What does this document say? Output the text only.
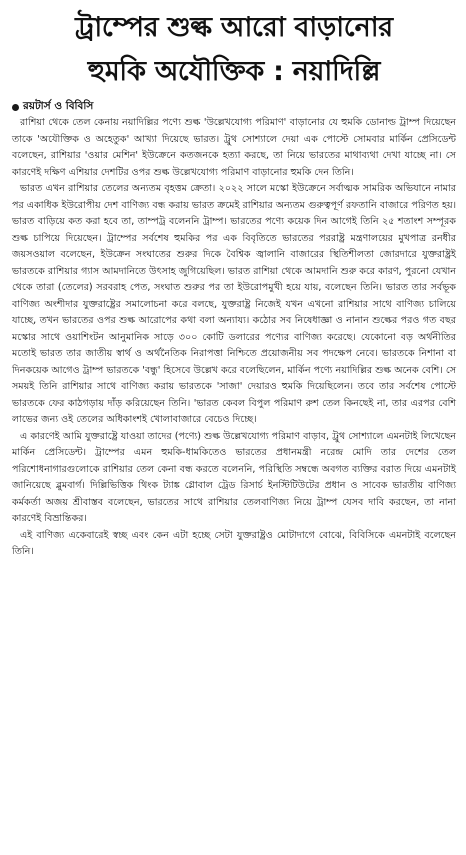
ট্রাম্পের শুল্ক আরো বাড়ানোর
হুমকি অযৌক্তিক : নয়াদিল্লি
রয়টার্স ও বিবিসি

রাশিয়া থেকে তেল কেনায় নয়াদিল্লির পণ্যে শুল্ক 'উল্লেখযোগ্য পরিমাণ' বাড়ানোর যে হুমকি ডোনাল্ড ট্রাম্প দিয়েছেন তাকে 'অযৌক্তিক ও অহেতুক' আখ্যা দিয়েছে ভারত। ট্রুথ সোশ্যালে দেয়া এক পোস্টে সোমবার মার্কিন প্রেসিডেন্ট বলেছেন, রাশিয়ার 'ওয়ার মেশিন' ইউক্রেনে কতজনকে হত্যা করছে, তা নিয়ে ভারতের মাথাব্যথা দেখা যাচ্ছে না। সে কারণেই দক্ষিণ এশিয়ার দেশটির ওপর শুল্ক উল্লেখযোগ্য পরিমাণ বাড়ানোর হুমকি দেন তিনি।

ভারত এখন রাশিয়ার তেলের অন্যতম বৃহত্তম ক্রেতা। ২০২২ সালে মস্কো ইউক্রেনে সর্বাত্মক সামরিক অভিযানে নামার পর একাধিক ইউরোপীয় দেশ বাণিজ্য বন্ধ করায় ভারত ক্রমেই রাশিয়ার অন্যতম গুরুত্বপূর্ণ রফতানি বাজারে পরিণত হয়। ভারত বাড়িয়ে কত করা হবে তা, তাম্পট্র বলেননি ট্রাম্প। ভারতের পণ্যে কয়েক দিন আগেই তিনি ২৫ শতাংশ সম্পূরক শুল্ক চাপিয়ে দিয়েছেন। ট্রাম্পের সর্বশেষ হুমকির পর এক বিবৃতিতে ভারতের পররাষ্ট্র মন্ত্রণালয়ের মুখপাত্র রনধীর জয়সওয়াল বলেছেন, ইউক্রেন সংঘাতের শুরুর দিকে বৈশ্বিক জ্বালানি বাজারের স্থিতিশীলতা জোরদারে যুক্তরাষ্ট্রই ভারতকে রাশিয়ার গ্যাস আমদানিতে উৎসাহ জুগিয়েছিল। ভারত রাশিয়া থেকে আমদানি শুরু করে কারণ, পুরনো যেখান থেকে তারা (তেলের) সরবরাহ পেত, সংঘাত শুরুর পর তা ইউরোপমুখী হয়ে যায়, বলেছেন তিনি। ভারত তার সর্বভূক বাণিজ্য অংশীদার যুক্তরাষ্ট্রের সমালোচনা করে বলছে, যুক্তরাষ্ট্র নিজেই যখন এখনো রাশিয়ার সাথে বাণিজ্য চালিয়ে যাচ্ছে, তখন ভারতের ওপর শুল্ক আরোপের কথা বলা অন্যায্য। কঠোর সব নিষেধাজ্ঞা ও নানান শুল্কের পরও গত বছর মস্কোর সাথে ওয়াশিংটন আনুমানিক সাড়ে ৩০০ কোটি ডলারের পণ্যের বাণিজ্য করেছে। যেকোনো বড় অর্থনীতির মতোই ভারত তার জাতীয় স্বার্থ ও অর্থনৈতিক নিরাপত্তা নিশ্চিতে প্রয়োজনীয় সব পদক্ষেপ নেবে। ভারতকে নিশানা বা দিনকয়েক আগেও ট্রাম্প ভারতকে 'বন্ধু' হিসেবে উল্লেখ করে বলেছিলেন, মার্কিন পণ্যে নয়াদিল্লির শুল্ক অনেক বেশি। সে সময়ই তিনি রাশিয়ার সাথে বাণিজ্য করায় ভারতকে 'সাজা' দেয়ারও হুমকি দিয়েছিলেন। তবে তার সর্বশেষ পোস্টে ভারতকে ফের কাঠগড়ায় দাঁড় করিয়েছেন তিনি। 'ভারত কেবল বিপুল পরিমাণ রুশ তেল কিনছেই না, তার এরপর বেশি লাভের জন্য ওই তেলের অধিকাংশই খোলাবাজারে বেচেও দিচ্ছে।

এ কারণেই আমি যুক্তরাষ্ট্রে যাওয়া তাদের (পণ্যে) শুল্ক উল্লেখযোগ্য পরিমাণ বাড়াব, ট্রুথ সোশ্যালে এমনটাই লিখেছেন মার্কিন প্রেসিডেন্ট। ট্রাম্পের এমন হুমকি-ধামকিতেও ভারতের প্রধানমন্ত্রী নরেন্দ্র মোদি তার দেশের তেল পরিশোধনাগারগুলোকে রাশিয়ার তেল কেনা বন্ধ করতে বলেননি, পরিস্থিতি সম্বন্ধে অবগত ব্যক্তির বরাত দিয়ে এমনটাই জানিয়েছে ব্লুমবার্গ। দিল্লিভিত্তিক থিংক ট্যাঙ্ক গ্লোবাল ট্রেড রিসার্চ ইনস্টিটিউটের প্রধান ও সাবেক ভারতীয় বাণিজ্য কর্মকর্তা অজয় শ্রীবাস্তব বলেছেন, ভারতের সাথে রাশিয়ার তেলবাণিজ্য নিয়ে ট্রাম্প যেসব দাবি করছেন, তা নানা কারণেই বিভ্রান্তিকর।

এই বাণিজ্য একেবারেই স্বচ্ছ এবং কেন এটা হচ্ছে সেটা যুক্তরাষ্ট্রও মোটাদাগে বোঝে, বিবিসিকে এমনটাই বলেছেন তিনি।
